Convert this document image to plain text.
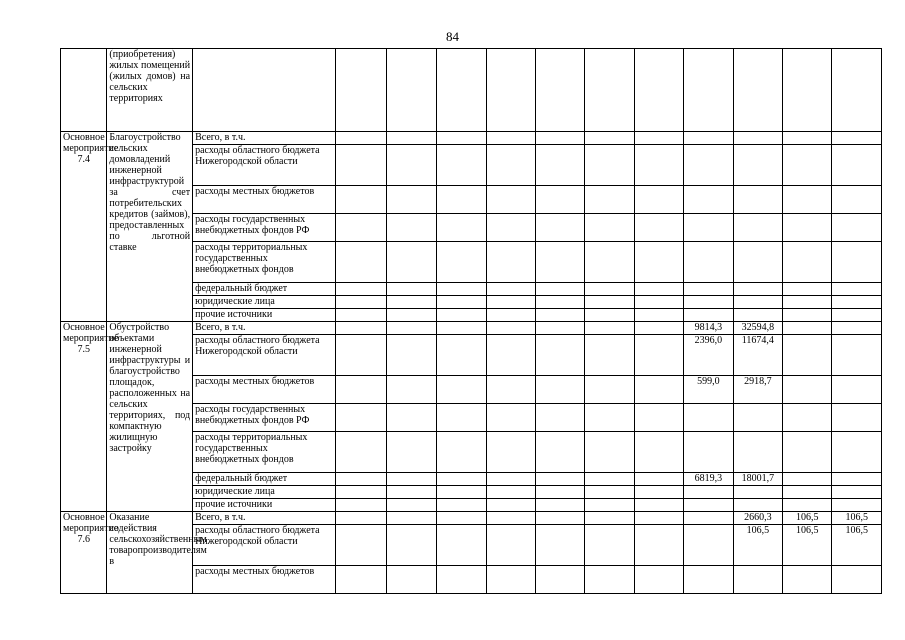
84
	(приобретения) жилых помещений (жилых домов) на сельских территориях												
Основное мероприятие 7.4	Благоустройство сельских домовладений инженерной инфраструктурой за счет потребительских кредитов (займов), предоставленных по льготной ставке	Всего, в т.ч.											
		расходы областного бюджета Нижегородской области											
		расходы местных бюджетов											
		расходы государственных внебюджетных фондов РФ											
		расходы территориальных государственных внебюджетных фондов											
		федеральный бюджет											
		юридические лица											
		прочие источники											
Основное мероприятие 7.5	Обустройство объектами инженерной инфраструктуры и благоустройство площадок, расположенных на сельских территориях, под компактную жилищную застройку	Всего, в т.ч.								9814,3	32594,8		
		расходы областного бюджета Нижегородской области								2396,0	11674,4		
		расходы местных бюджетов								599,0	2918,7		
		расходы государственных внебюджетных фондов РФ											
		расходы территориальных государственных внебюджетных фондов											
		федеральный бюджет								6819,3	18001,7		
		юридические лица											
		прочие источники											
Основное мероприятие 7.6	Оказание содействия сельскохозяйственным товаропроизводителям в	Всего, в т.ч.									2660,3	106,5	106,5
		расходы областного бюджета Нижегородской области									106,5	106,5	106,5
		расходы местных бюджетов											
